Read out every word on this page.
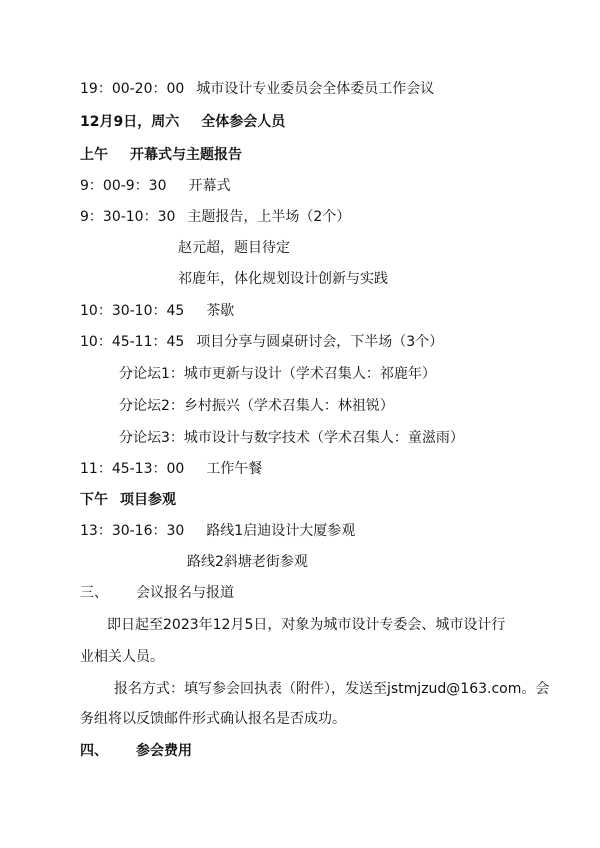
19：00-20：00 城市设计专业委员会全体委员工作会议
12月9日，周六 全体参会人员
上午 开幕式与主题报告
9：00-9：30 开幕式
9：30-10：30 主题报告，上半场（2个）
赵元超，题目待定
祁鹿年，体化规划设计创新与实践
10：30-10：45 茶歇
10：45-11：45 项目分享与圆桌研讨会，下半场（3个）
分论坛1：城市更新与设计（学术召集人：祁鹿年）
分论坛2：乡村振兴（学术召集人：林祖锐）
分论坛3：城市设计与数字技术（学术召集人：童滋雨）
11：45-13：00 工作午餐
下午 项目参观
13：30-16：30 路线1启迪设计大厦参观
路线2斜塘老街参观
三、 会议报名与报道
即日起至2023年12月5日，对象为城市设计专委会、城市设计行
业相关人员。
报名方式：填写参会回执表（附件），发送至jstmjzud@163.com。会
务组将以反馈邮件形式确认报名是否成功。
四、 参会费用
